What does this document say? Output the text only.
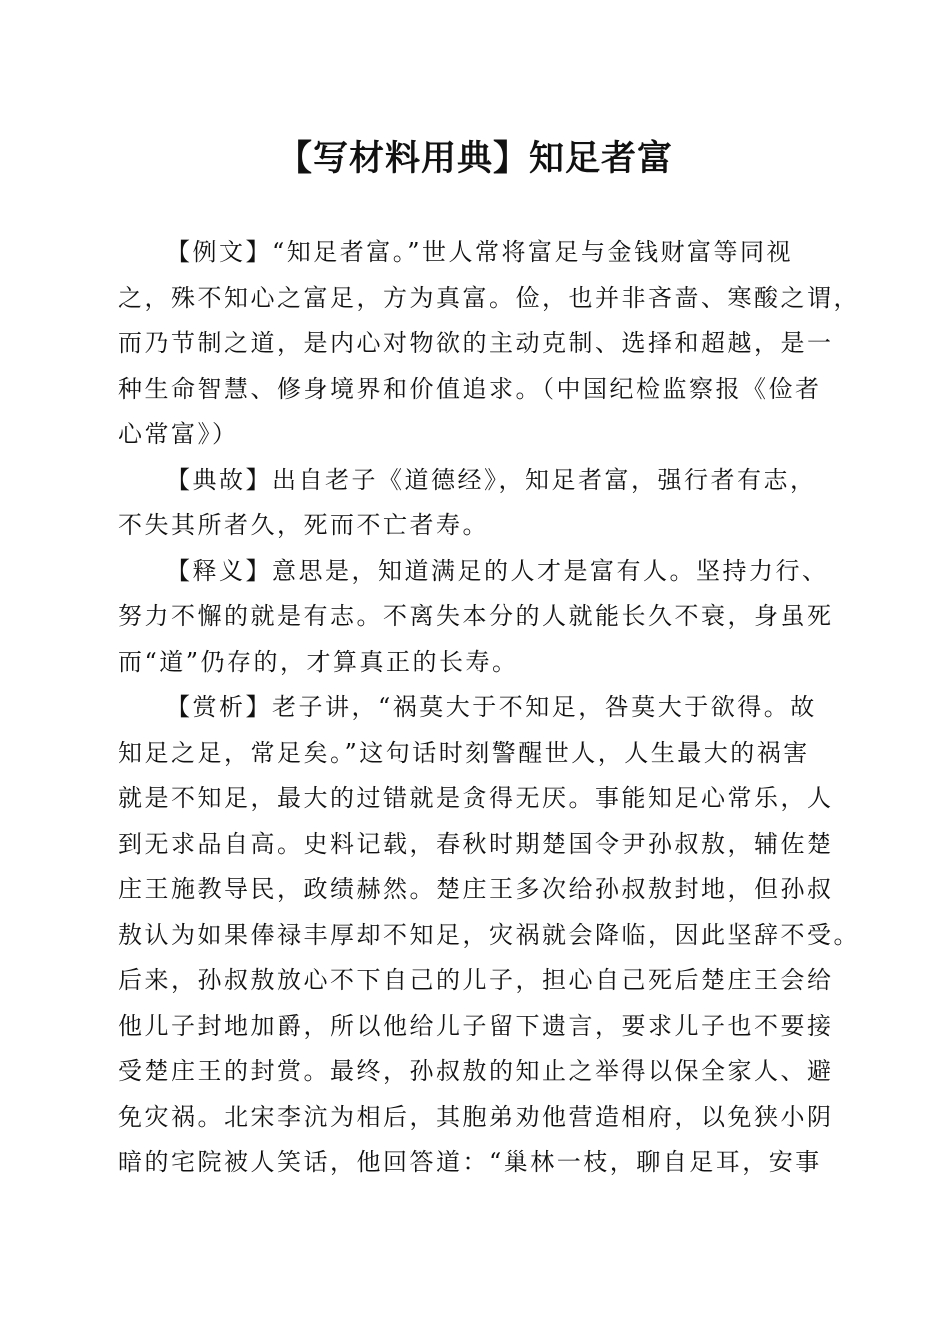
【写材料用典】知足者富

【例文】“知足者富。”世人常将富足与金钱财富等同视
之，殊不知心之富足，方为真富。俭，也并非吝啬、寒酸之谓，
而乃节制之道，是内心对物欲的主动克制、选择和超越，是一
种生命智慧、修身境界和价值追求。（中国纪检监察报《俭者
心常富》）

【典故】出自老子《道德经》，知足者富，强行者有志，
不失其所者久，死而不亡者寿。

【释义】意思是，知道满足的人才是富有人。坚持力行、
努力不懈的就是有志。不离失本分的人就能长久不衰，身虽死
而“道”仍存的，才算真正的长寿。

【赏析】老子讲，“祸莫大于不知足，咎莫大于欲得。故
知足之足，常足矣。”这句话时刻警醒世人，人生最大的祸害
就是不知足，最大的过错就是贪得无厌。事能知足心常乐，人
到无求品自高。史料记载，春秋时期楚国令尹孙叔敖，辅佐楚
庄王施教导民，政绩赫然。楚庄王多次给孙叔敖封地，但孙叔
敖认为如果俸禄丰厚却不知足，灾祸就会降临，因此坚辞不受。
后来，孙叔敖放心不下自己的儿子，担心自己死后楚庄王会给
他儿子封地加爵，所以他给儿子留下遗言，要求儿子也不要接
受楚庄王的封赏。最终，孙叔敖的知止之举得以保全家人、避
免灾祸。北宋李沆为相后，其胞弟劝他营造相府，以免狭小阴
暗的宅院被人笑话，他回答道：“巢林一枝，聊自足耳，安事
